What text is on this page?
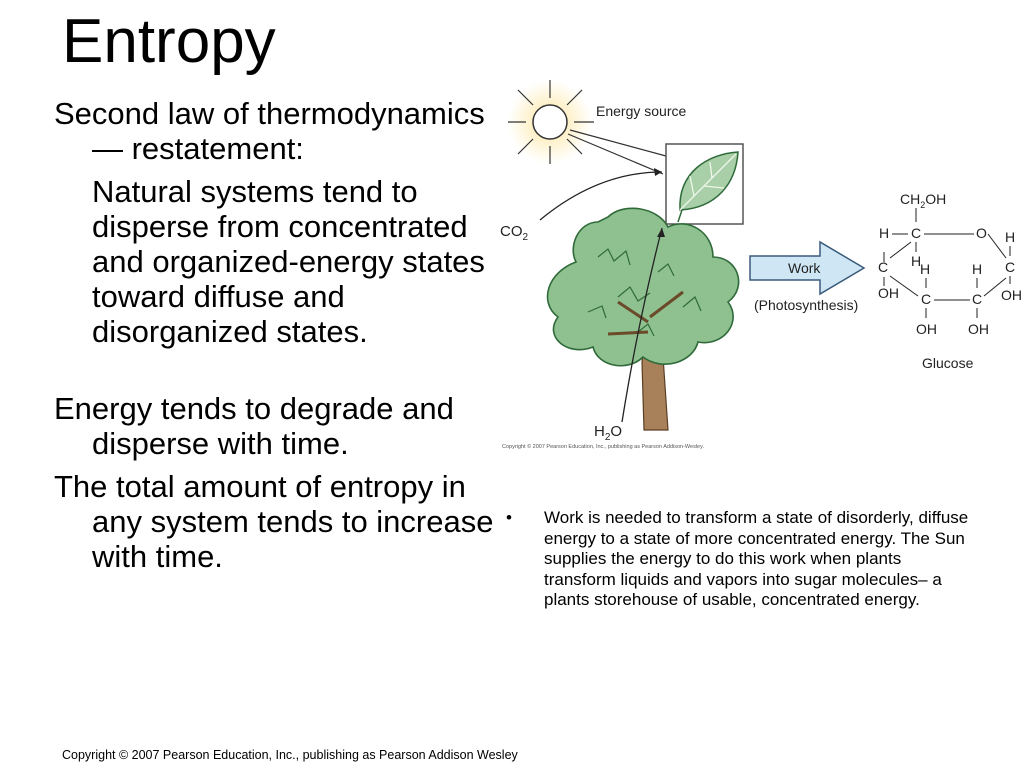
Entropy

Second law of thermodynamics — restatement:

Natural systems tend to disperse from concentrated and organized-energy states toward diffuse and disorganized states.

Energy tends to degrade and disperse with time.

The total amount of entropy in any system tends to increase with time.

Energy source
$CO_2$
$H_2O$
Work
(Photosynthesis)
$CH_2OH$
C
H	O
H
C
OH
H
C
OH
H
C
OH
H
C
OH
Glucose
Copyright © 2007 Pearson Education, Inc., publishing as Pearson Addison-Wesley.
• Work is needed to transform a state of disorderly, diffuse energy to a state of more concentrated energy. The Sun supplies the energy to do this work when plants transform liquids and vapors into sugar molecules– a plants storehouse of usable, concentrated energy.
Copyright © 2007 Pearson Education, Inc., publishing as Pearson Addison Wesley
